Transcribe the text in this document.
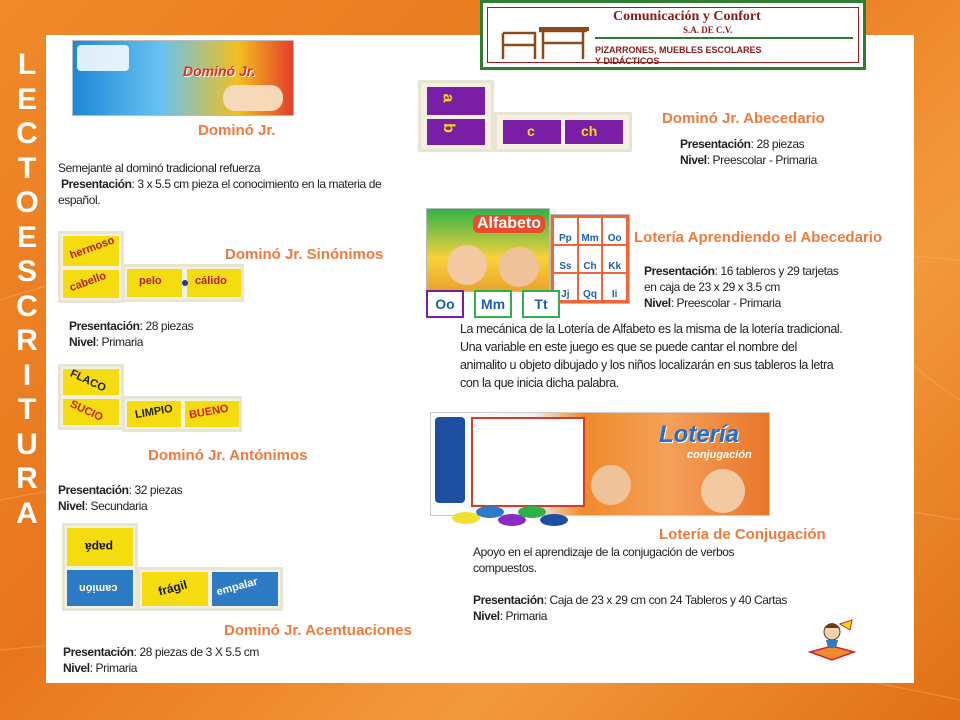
L
E
C
T
O
E
S
C
R
I
T
U
R
A
Comunicación y Confort
S.A. DE C.V.
PIZARRONES, MUEBLES ESCOLARES
Y DIDÁCTICOS
Dominó Jr.
Dominó Jr.
Semejante al dominó tradicional refuerza
Presentación: 3 x 5.5 cm pieza el conocimiento en la materia de
español.
hermoso
cabello	pelo	cálido
Dominó Jr. Sinónimos
Presentación: 28 piezas
Nivel: Primaria
FLACO
SUCIO	LIMPIO BUENO
Dominó Jr. Antónimos
Presentación: 32 piezas
Nivel: Secundaria
papá
camión	frágil empalar
Dominó Jr. Acentuaciones
Presentación: 28 piezas de 3 X 5.5 cm
Nivel: Primaria
a
b	c	ch
Dominó Jr. Abecedario
Presentación: 28 piezas
Nivel: Preescolar - Primaria
Alfabeto
Pp Mm Oo
Ss	Ch	Kk
Jj	Qq	Ii
Oo	Mm	Tt
Lotería Aprendiendo el Abecedario
Presentación: 16 tableros y 29 tarjetas
en caja de 23 x 29 x 3.5 cm
Nivel: Preescolar - Primaria
La mecánica de la Lotería de Alfabeto es la misma de la lotería tradicional.
Una variable en este juego es que se puede cantar el nombre del
animalito u objeto dibujado y los niños localizarán en sus tableros la letra
con la que inicia dicha palabra.
Lotería
conjugación
Lotería de Conjugación
Apoyo en el aprendizaje de la conjugación de verbos
compuestos.

Presentación: Caja de 23 x 29 cm con 24 Tableros y 40 Cartas
Nivel: Primaria
